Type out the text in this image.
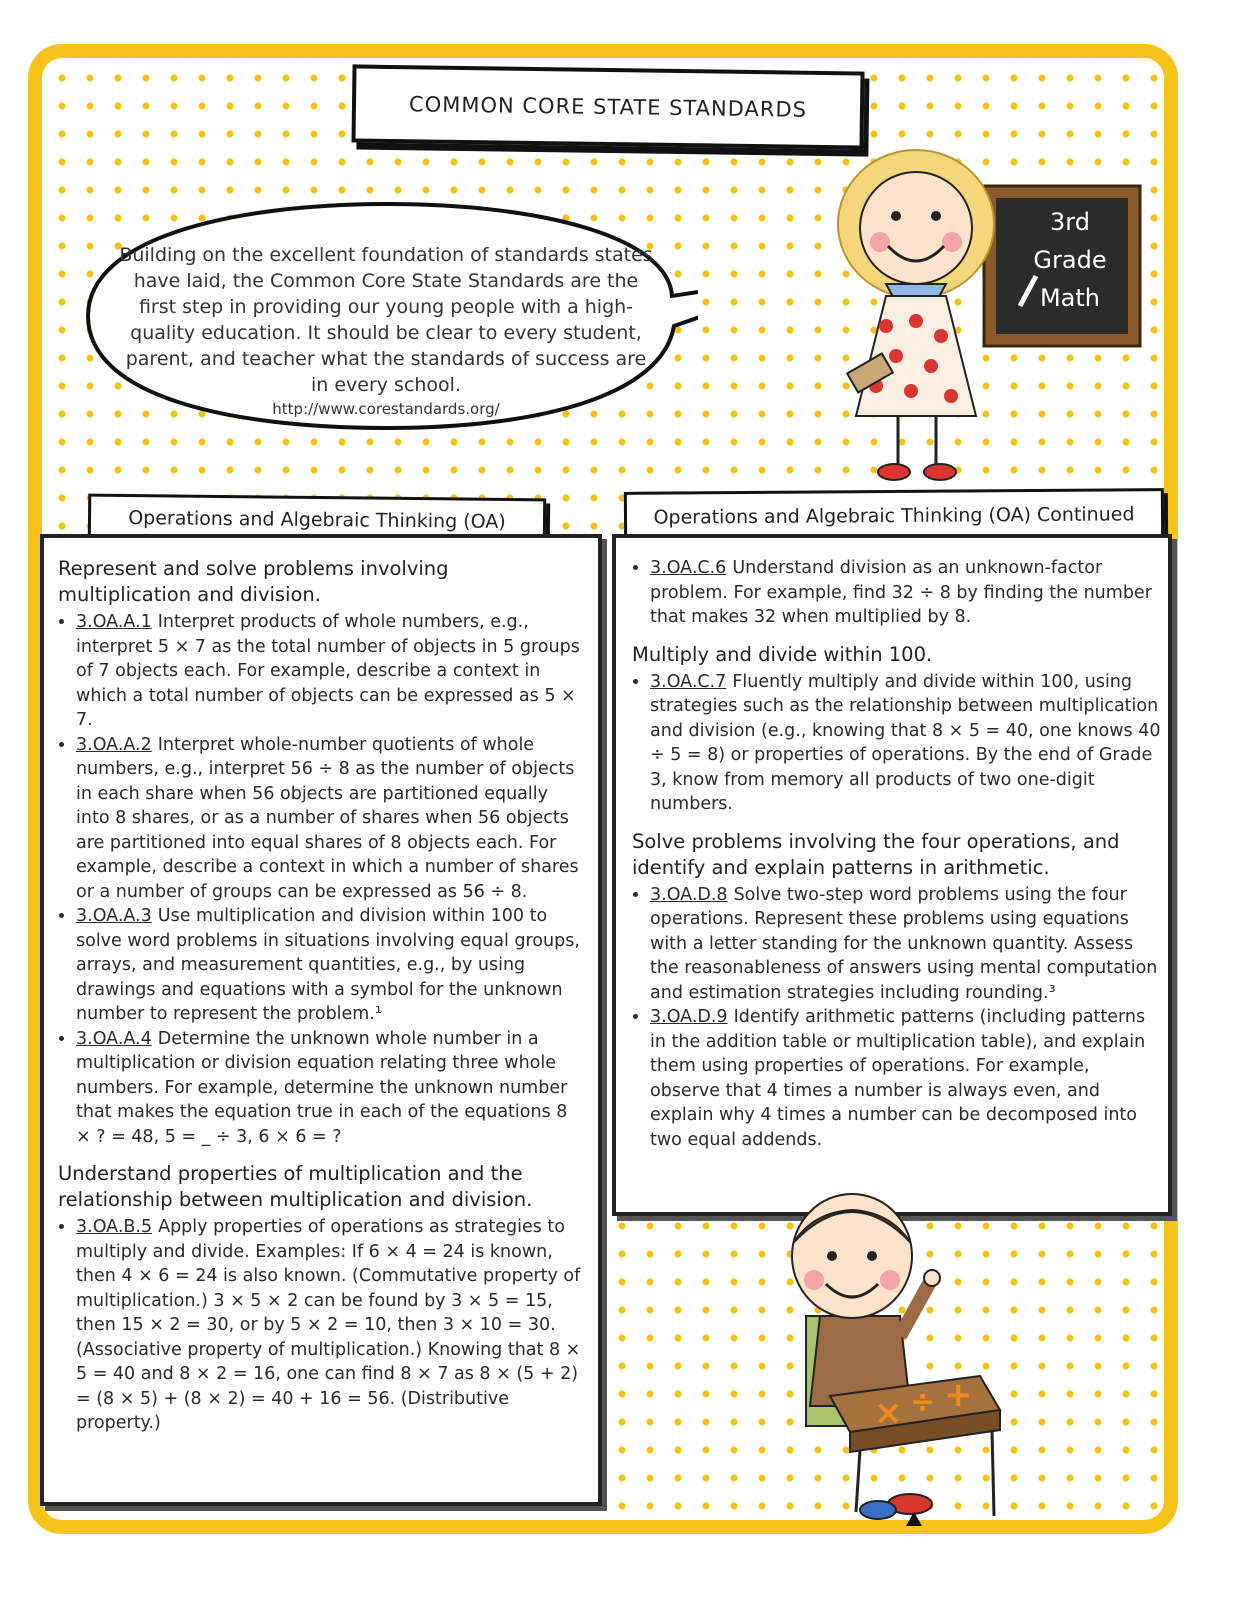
COMMON CORE STATE STANDARDS
Building on the excellent foundation of standards states have laid, the Common Core State Standards are the first step in providing our young people with a high-quality education. It should be clear to every student, parent, and teacher what the standards of success are in every school.
http://www.corestandards.org/
3rd
Grade
Math
Operations and Algebraic Thinking (OA)	Operations and Algebraic Thinking (OA) Continued
Represent and solve problems involving multiplication and division.
• 3.OA.A.1 Interpret products of whole numbers, e.g., interpret 5 × 7 as the total number of objects in 5 groups of 7 objects each. For example, describe a context in which a total number of objects can be expressed as 5 × 7.
• 3.OA.A.2 Interpret whole-number quotients of whole numbers, e.g., interpret 56 ÷ 8 as the number of objects in each share when 56 objects are partitioned equally into 8 shares, or as a number of shares when 56 objects are partitioned into equal shares of 8 objects each. For example, describe a context in which a number of shares or a number of groups can be expressed as 56 ÷ 8.
• 3.OA.A.3 Use multiplication and division within 100 to solve word problems in situations involving equal groups, arrays, and measurement quantities, e.g., by using drawings and equations with a symbol for the unknown number to represent the problem.¹
• 3.OA.A.4 Determine the unknown whole number in a multiplication or division equation relating three whole numbers. For example, determine the unknown number that makes the equation true in each of the equations 8 × ? = 48, 5 = _ ÷ 3, 6 × 6 = ?
Understand properties of multiplication and the relationship between multiplication and division.
• 3.OA.B.5 Apply properties of operations as strategies to multiply and divide. Examples: If 6 × 4 = 24 is known, then 4 × 6 = 24 is also known. (Commutative property of multiplication.) 3 × 5 × 2 can be found by 3 × 5 = 15, then 15 × 2 = 30, or by 5 × 2 = 10, then 3 × 10 = 30. (Associative property of multiplication.) Knowing that 8 × 5 = 40 and 8 × 2 = 16, one can find 8 × 7 as 8 × (5 + 2) = (8 × 5) + (8 × 2) = 40 + 16 = 56. (Distributive property.)
• 3.OA.C.6 Understand division as an unknown-factor problem. For example, find 32 ÷ 8 by finding the number that makes 32 when multiplied by 8.
Multiply and divide within 100.
• 3.OA.C.7 Fluently multiply and divide within 100, using strategies such as the relationship between multiplication and division (e.g., knowing that 8 × 5 = 40, one knows 40 ÷ 5 = 8) or properties of operations. By the end of Grade 3, know from memory all products of two one-digit numbers.
Solve problems involving the four operations, and identify and explain patterns in arithmetic.
• 3.OA.D.8 Solve two-step word problems using the four operations. Represent these problems using equations with a letter standing for the unknown quantity. Assess the reasonableness of answers using mental computation and estimation strategies including rounding.³
• 3.OA.D.9 Identify arithmetic patterns (including patterns in the addition table or multiplication table), and explain them using properties of operations. For example, observe that 4 times a number is always even, and explain why 4 times a number can be decomposed into two equal addends.
× ÷ +
